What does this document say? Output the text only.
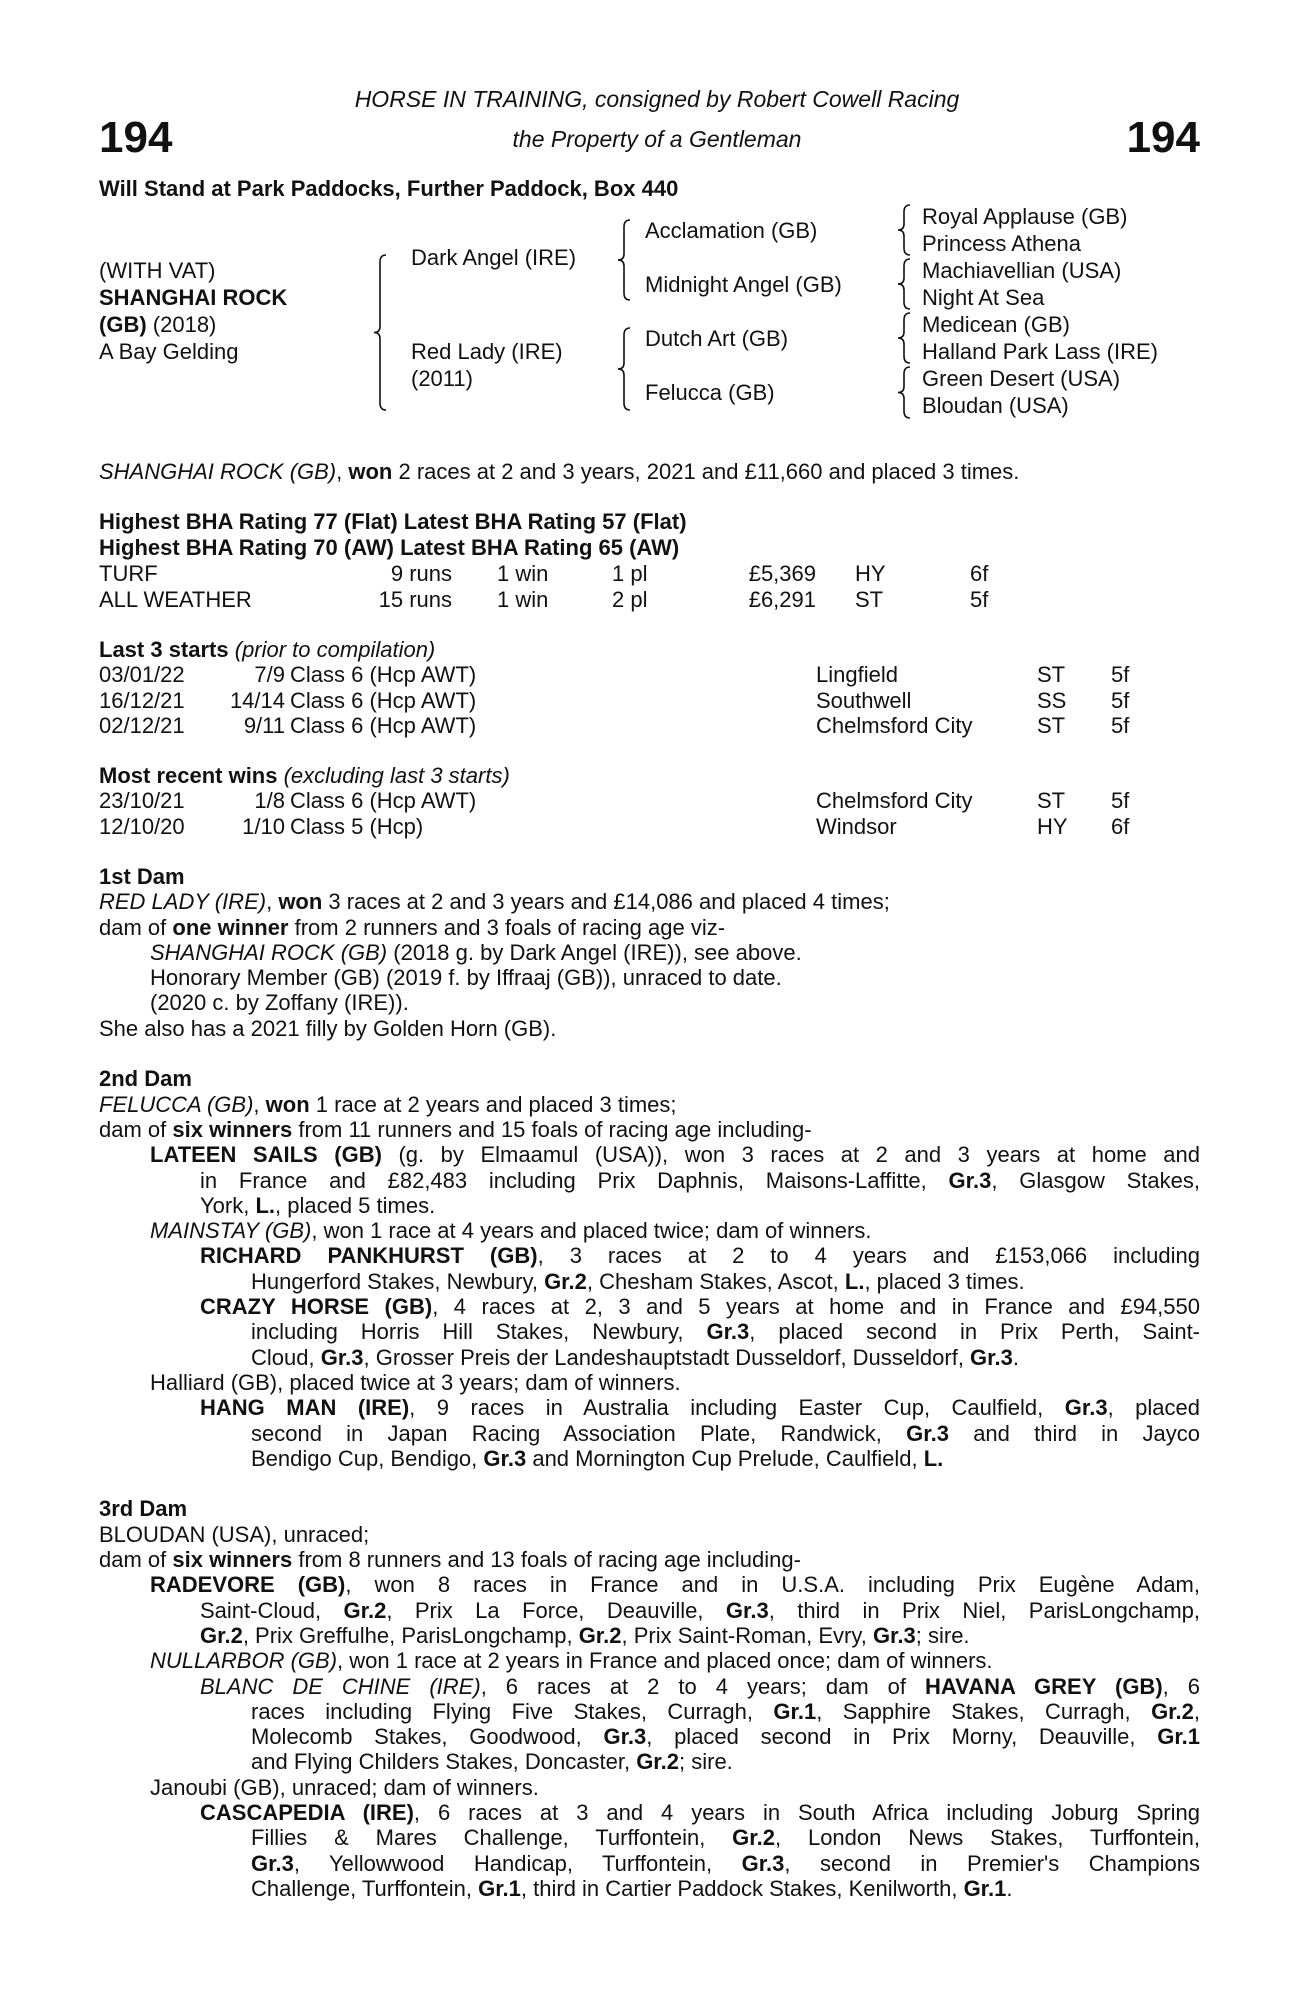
HORSE IN TRAINING, consigned by Robert Cowell Racing
194	194
the Property of a Gentleman
Will Stand at Park Paddocks, Further Paddock, Box 440
(WITH VAT)
SHANGHAI ROCK
(GB) (2018)
A Bay Gelding
Dark Angel (IRE)
Red Lady (IRE)
(2011)
Acclamation (GB)
Midnight Angel (GB)
Dutch Art (GB)
Felucca (GB)
Royal Applause (GB)
Princess Athena
Machiavellian (USA)
Night At Sea
Medicean (GB)
Halland Park Lass (IRE)
Green Desert (USA)
Bloudan (USA)
SHANGHAI ROCK (GB), won 2 races at 2 and 3 years, 2021 and £11,660 and placed 3 times.
Highest BHA Rating 77 (Flat) Latest BHA Rating 57 (Flat)
Highest BHA Rating 70 (AW) Latest BHA Rating 65 (AW)
TURF	9 runs 1 win	1 pl	£5,369 HY	6f
ALL WEATHER	15 runs 1 win	2 pl	£6,291 ST	5f
Last 3 starts (prior to compilation)
03/01/22	7/9 Class 6 (Hcp AWT)	Lingfield	ST 5f
16/12/21 14/14 Class 6 (Hcp AWT)	Southwell	SS 5f
02/12/21	9/11 Class 6 (Hcp AWT)	Chelmsford City	ST 5f
Most recent wins (excluding last 3 starts)
23/10/21	1/8 Class 6 (Hcp AWT)	Chelmsford City	ST 5f
12/10/20	1/10 Class 5 (Hcp)	Windsor	HY 6f
1st Dam
RED LADY (IRE), won 3 races at 2 and 3 years and £14,086 and placed 4 times;
dam of one winner from 2 runners and 3 foals of racing age viz-
SHANGHAI ROCK (GB) (2018 g. by Dark Angel (IRE)), see above.
Honorary Member (GB) (2019 f. by Iffraaj (GB)), unraced to date.
(2020 c. by Zoffany (IRE)).
She also has a 2021 filly by Golden Horn (GB).
2nd Dam
FELUCCA (GB), won 1 race at 2 years and placed 3 times;
dam of six winners from 11 runners and 15 foals of racing age including-
LATEEN SAILS (GB) (g. by Elmaamul (USA)), won 3 races at 2 and 3 years at home and
in France and £82,483 including Prix Daphnis, Maisons-Laffitte, Gr.3, Glasgow Stakes,
York, L., placed 5 times.
MAINSTAY (GB), won 1 race at 4 years and placed twice; dam of winners.
RICHARD PANKHURST (GB), 3 races at 2 to 4 years and £153,066 including
Hungerford Stakes, Newbury, Gr.2, Chesham Stakes, Ascot, L., placed 3 times.
CRAZY HORSE (GB), 4 races at 2, 3 and 5 years at home and in France and £94,550
including Horris Hill Stakes, Newbury, Gr.3, placed second in Prix Perth, Saint-
Cloud, Gr.3, Grosser Preis der Landeshauptstadt Dusseldorf, Dusseldorf, Gr.3.
Halliard (GB), placed twice at 3 years; dam of winners.
HANG MAN (IRE), 9 races in Australia including Easter Cup, Caulfield, Gr.3, placed
second in Japan Racing Association Plate, Randwick, Gr.3 and third in Jayco
Bendigo Cup, Bendigo, Gr.3 and Mornington Cup Prelude, Caulfield, L.
3rd Dam
BLOUDAN (USA), unraced;
dam of six winners from 8 runners and 13 foals of racing age including-
RADEVORE (GB), won 8 races in France and in U.S.A. including Prix Eugène Adam,
Saint-Cloud, Gr.2, Prix La Force, Deauville, Gr.3, third in Prix Niel, ParisLongchamp,
Gr.2, Prix Greffulhe, ParisLongchamp, Gr.2, Prix Saint-Roman, Evry, Gr.3; sire.
NULLARBOR (GB), won 1 race at 2 years in France and placed once; dam of winners.
BLANC DE CHINE (IRE), 6 races at 2 to 4 years; dam of HAVANA GREY (GB), 6
races including Flying Five Stakes, Curragh, Gr.1, Sapphire Stakes, Curragh, Gr.2,
Molecomb Stakes, Goodwood, Gr.3, placed second in Prix Morny, Deauville, Gr.1
and Flying Childers Stakes, Doncaster, Gr.2; sire.
Janoubi (GB), unraced; dam of winners.
CASCAPEDIA (IRE), 6 races at 3 and 4 years in South Africa including Joburg Spring
Fillies & Mares Challenge, Turffontein, Gr.2, London News Stakes, Turffontein,
Gr.3, Yellowwood Handicap, Turffontein, Gr.3, second in Premier's Champions
Challenge, Turffontein, Gr.1, third in Cartier Paddock Stakes, Kenilworth, Gr.1.
